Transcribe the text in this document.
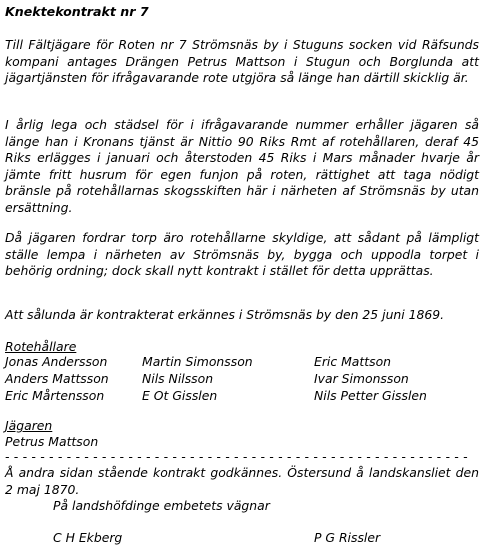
Knektekontrakt nr 7
Till Fältjägare för Roten nr 7 Strömsnäs by i Stuguns socken vid Räfsunds kompani antages Drängen Petrus Mattson i Stugun och Borglunda att jägartjänsten för ifrågavarande rote utgjöra så länge han därtill skicklig är.
I årlig lega och städsel för i ifrågavarande nummer erhåller jägaren så länge han i Kronans tjänst är Nittio 90 Riks Rmt af rotehållaren, deraf 45 Riks erlägges i januari och återstoden 45 Riks i Mars månader hvarje år jämte fritt husrum för egen funjon på roten, rättighet att taga nödigt bränsle på rotehållarnas skogsskiften här i närheten af Strömsnäs by utan ersättning.
Då jägaren fordrar torp äro rotehållarne skyldige, att sådant på lämpligt ställe lempa i närheten av Strömsnäs by, bygga och uppodla torpet i behörig ordning; dock skall nytt kontrakt i stället för detta upprättas.
Att sålunda är kontrakterat erkännes i Strömsnäs by den 25 juni 1869.
Rotehållare
Jonas Andersson	Martin Simonsson	Eric Mattson
Anders Mattsson	Nils Nilsson	Ivar Simonsson
Eric Mårtensson	E Ot Gisslen	Nils Petter Gisslen
Jägaren
Petrus Mattson
- - - - - - - - - - - - - - - - - - - - - - - - - - - - - - - - - - - - - - - - - - - - - - - - - - - - -
Å andra sidan stående kontrakt godkännes. Östersund å landskansliet den 2 maj 1870.
På landshöfdinge embetets vägnar
C H Ekberg	P G Rissler
